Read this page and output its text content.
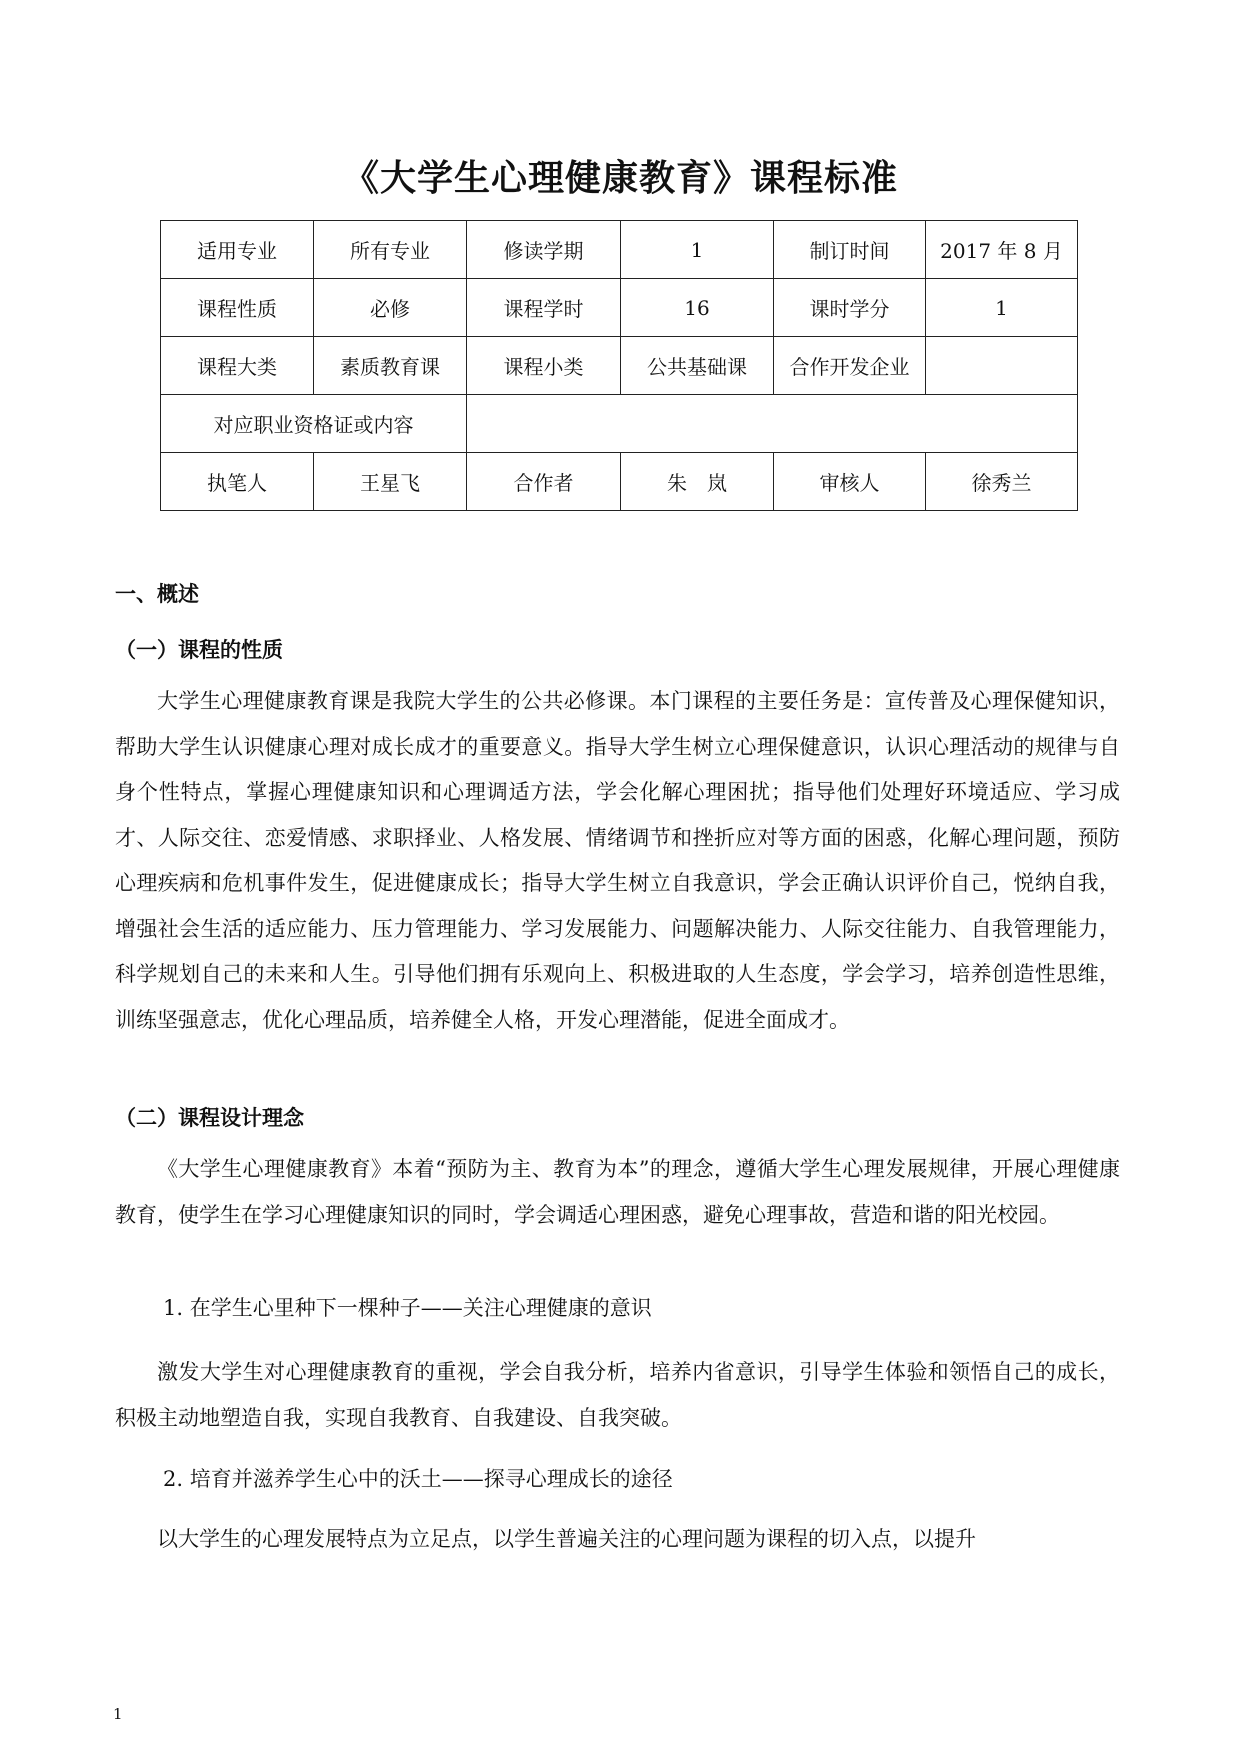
《大学生心理健康教育》课程标准
适用专业	所有专业	修读学期	1	制订时间	2017 年 8 月
课程性质	必修	课程学时	16	课时学分	1
课程大类	素质教育课	课程小类	公共基础课	合作开发企业	
对应职业资格证或内容					
执笔人	王星飞	合作者	朱　岚	审核人	徐秀兰
一、概述
（一）课程的性质

大学生心理健康教育课是我院大学生的公共必修课。本门课程的主要任务是：宣传普及心理保健知识，帮助大学生认识健康心理对成长成才的重要意义。指导大学生树立心理保健意识，认识心理活动的规律与自身个性特点，掌握心理健康知识和心理调适方法，学会化解心理困扰；指导他们处理好环境适应、学习成才、人际交往、恋爱情感、求职择业、人格发展、情绪调节和挫折应对等方面的困惑，化解心理问题，预防心理疾病和危机事件发生，促进健康成长；指导大学生树立自我意识，学会正确认识评价自己，悦纳自我，增强社会生活的适应能力、压力管理能力、学习发展能力、问题解决能力、人际交往能力、自我管理能力，科学规划自己的未来和人生。引导他们拥有乐观向上、积极进取的人生态度，学会学习，培养创造性思维，训练坚强意志，优化心理品质，培养健全人格，开发心理潜能，促进全面成才。

（二）课程设计理念

《大学生心理健康教育》本着“预防为主、教育为本”的理念，遵循大学生心理发展规律，开展心理健康教育，使学生在学习心理健康知识的同时，学会调适心理困惑，避免心理事故，营造和谐的阳光校园。

1. 在学生心里种下一棵种子——关注心理健康的意识

激发大学生对心理健康教育的重视，学会自我分析，培养内省意识，引导学生体验和领悟自己的成长，积极主动地塑造自我，实现自我教育、自我建设、自我突破。

2. 培育并滋养学生心中的沃土——探寻心理成长的途径

以大学生的心理发展特点为立足点，以学生普遍关注的心理问题为课程的切入点，以提升

1
